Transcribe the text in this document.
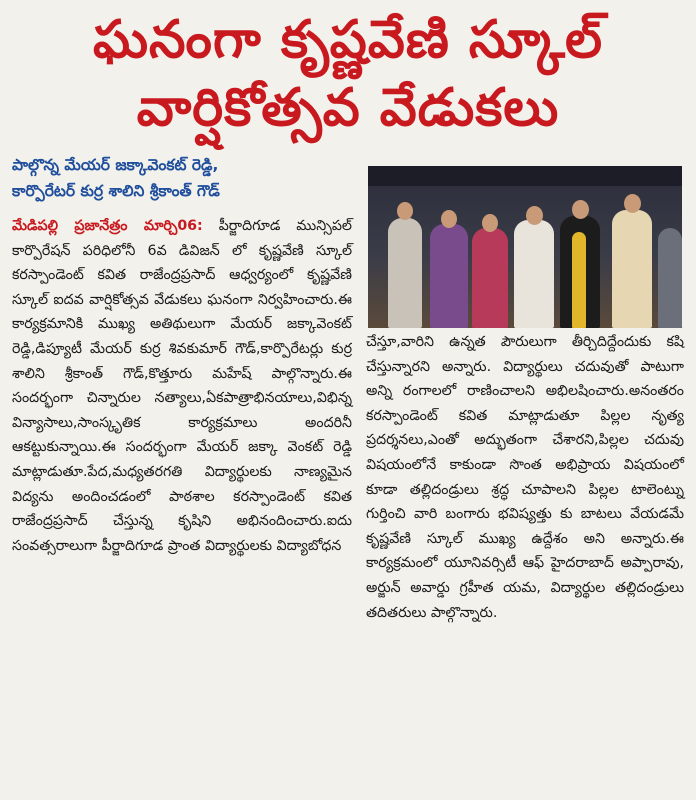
ఘనంగా కృష్ణవేణి స్కూల్
వార్షికోత్సవ వేడుకలు
పాల్గొన్న మేయర్ జక్కావెంకట్ రెడ్డి,
కార్పొరేటర్ కుర్ర శాలిని శ్రీకాంత్ గౌడ్

మేడిపల్లి ప్రజానేత్రం మార్చి06: పీర్జాదిగూడ మున్సిపల్ కార్పొరేషన్ పరిధిలోనీ 6వ డివిజన్ లో కృష్ణవేణి స్కూల్ కరస్పాండెంట్ కవిత రాజేంద్రప్రసాద్ ఆధ్వర్యంలో కృష్ణవేణి స్కూల్ ఐదవ వార్షికోత్సవ వేడుకలు ఘనంగా నిర్వహించారు.ఈ కార్యక్రమానికి ముఖ్య అతిథులుగా మేయర్ జక్కావెంకట్ రెడ్డి,డిప్యూటీ మేయర్ కుర్ర శివకుమార్ గౌడ్,కార్పొరేటర్లు కుర్ర శాలిని శ్రీకాంత్ గౌడ్,కొత్తూరు మహేష్ పాల్గొన్నారు.ఈ సందర్భంగా చిన్నారుల నత్యాలు,ఏకపాత్రాభినయాలు,విభిన్న విన్యాసాలు,సాంస్కృతిక కార్యక్రమాలు అందరినీ ఆకట్టుకున్నాయి.ఈ సందర్భంగా మేయర్ జక్కా వెంకట్ రెడ్డి మాట్లాడుతూ.పేద,మధ్యతరగతి విద్యార్థులకు నాణ్యమైన విద్యను అందించడంలో పాఠశాల కరస్పాండెంట్ కవిత రాజేంద్రప్రసాద్ చేస్తున్న కృషిని అభినందించారు.ఐదు సంవత్సరాలుగా పీర్జాదిగూడ ప్రాంత విద్యార్థులకు విద్యాబోధన

చేస్తూ,వారిని ఉన్నత పౌరులుగా తీర్చిదిద్దేందుకు కషి చేస్తున్నారని అన్నారు. విద్యార్థులు చదువుతో పాటుగా అన్ని రంగాలలో రాణించాలని అభిలషించారు.అనంతరం కరస్పాండెంట్ కవిత మాట్లాడుతూ పిల్లల నృత్య ప్రదర్శనలు,ఎంతో అద్భుతంగా చేశారని,పిల్లల చదువు విషయంలోనే కాకుండా సొంత అభిప్రాయ విషయంలో కూడా తల్లిదండ్రులు శ్రద్ధ చూపాలని పిల్లల టాలెంట్ను గుర్తించి వారి బంగారు భవిష్యత్తు కు బాటలు వేయడమే కృష్ణవేణి స్కూల్ ముఖ్య ఉద్దేశం అని అన్నారు.ఈ కార్యక్రమంలో యూనివర్సిటీ ఆఫ్ హైదరాబాద్ అప్పారావు, అర్జున్ అవార్డు గ్రహీత యమ, విద్యార్థుల తల్లిదండ్రులు తదితరులు పాల్గొన్నారు.
